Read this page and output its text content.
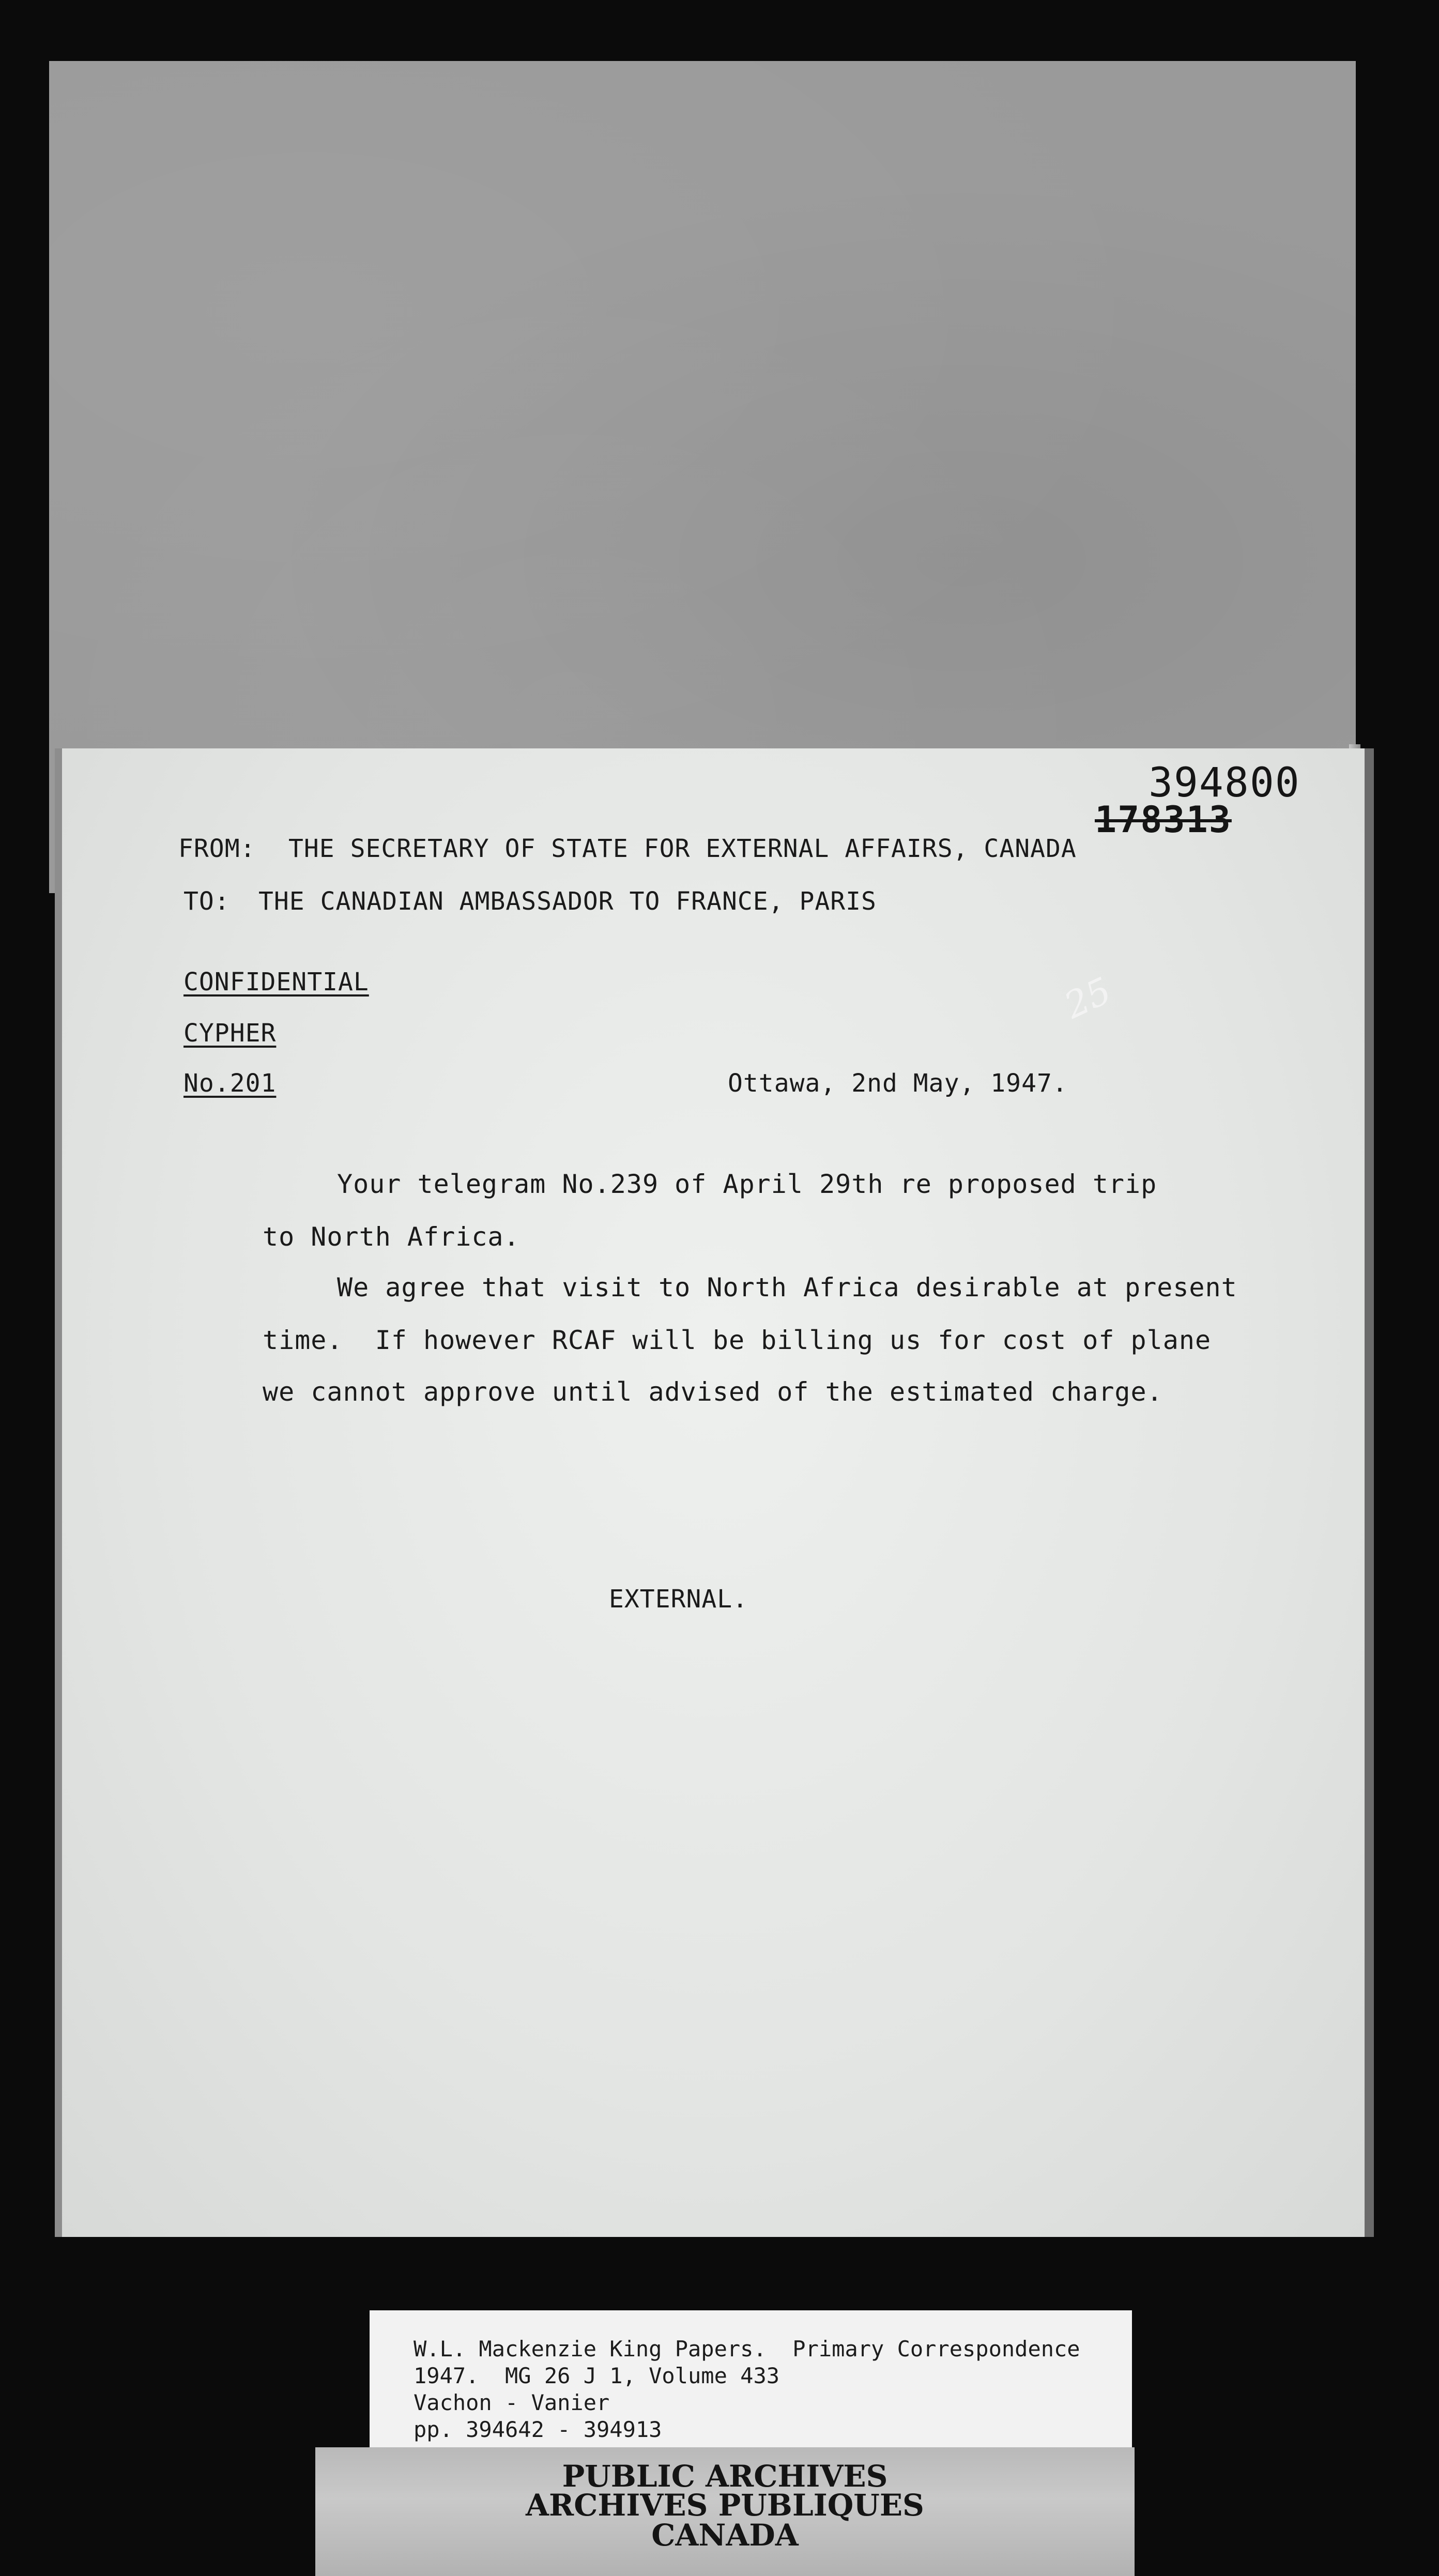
394800
178313
FROM: THE SECRETARY OF STATE FOR EXTERNAL AFFAIRS, CANADA
TO: THE CANADIAN AMBASSADOR TO FRANCE, PARIS
CONFIDENTIAL
CYPHER
No.201	Ottawa, 2nd May, 1947.
25
Your telegram No.239 of April 29th re proposed trip
to North Africa.
We agree that visit to North Africa desirable at present
time.  If however RCAF will be billing us for cost of plane
we cannot approve until advised of the estimated charge.
EXTERNAL.
W.L. Mackenzie King Papers.  Primary Correspondence
1947.  MG 26 J 1, Volume 433
Vachon - Vanier
pp. 394642 - 394913
PUBLIC ARCHIVES
ARCHIVES PUBLIQUES
CANADA
